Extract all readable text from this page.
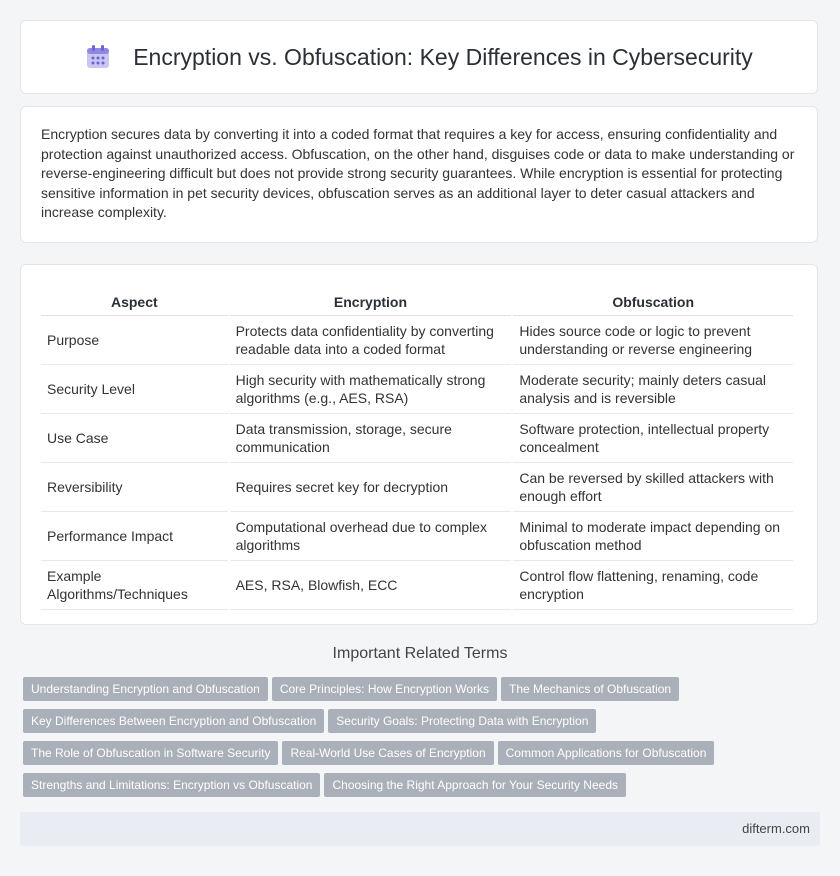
Encryption vs. Obfuscation: Key Differences in Cybersecurity
Encryption secures data by converting it into a coded format that requires a key for access, ensuring confidentiality and protection against unauthorized access. Obfuscation, on the other hand, disguises code or data to make understanding or reverse-engineering difficult but does not provide strong security guarantees. While encryption is essential for protecting sensitive information in pet security devices, obfuscation serves as an additional layer to deter casual attackers and increase complexity.
Aspect	Encryption	Obfuscation
Purpose	Protects data confidentiality by converting readable data into a coded format	Hides source code or logic to prevent understanding or reverse engineering
Security Level	High security with mathematically strong algorithms (e.g., AES, RSA)	Moderate security; mainly deters casual analysis and is reversible
Use Case	Data transmission, storage, secure communication	Software protection, intellectual property concealment
Reversibility	Requires secret key for decryption	Can be reversed by skilled attackers with enough effort
Performance Impact	Computational overhead due to complex algorithms	Minimal to moderate impact depending on obfuscation method
Example Algorithms/Techniques	AES, RSA, Blowfish, ECC	Control flow flattening, renaming, code encryption
Important Related Terms
Understanding Encryption and Obfuscation Core Principles: How Encryption Works The Mechanics of Obfuscation
Key Differences Between Encryption and Obfuscation Security Goals: Protecting Data with Encryption
The Role of Obfuscation in Software Security Real-World Use Cases of Encryption Common Applications for Obfuscation
Strengths and Limitations: Encryption vs Obfuscation Choosing the Right Approach for Your Security Needs
difterm.com
